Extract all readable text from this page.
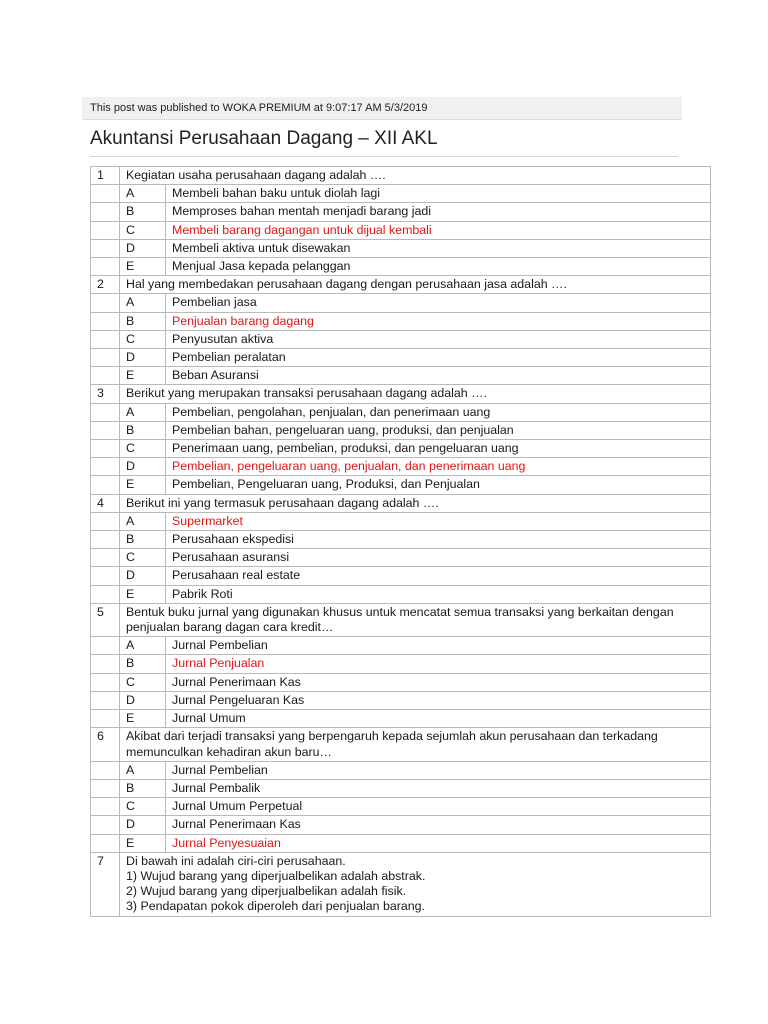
This post was published to WOKA PREMIUM at 9:07:17 AM 5/3/2019
Akuntansi Perusahaan Dagang – XII AKL
1	Kegiatan usaha perusahaan dagang adalah ….	

	A	Membeli bahan baku untuk diolah lagi
	B	Memproses bahan mentah menjadi barang jadi
	C	Membeli barang dagangan untuk dijual kembali
	D	Membeli aktiva untuk disewakan
	E	Menjual Jasa kepada pelanggan
2	Hal yang membedakan perusahaan dagang dengan perusahaan jasa adalah ….	

	A	Pembelian jasa
	B	Penjualan barang dagang
	C	Penyusutan aktiva
	D	Pembelian peralatan
	E	Beban Asuransi
3	Berikut yang merupakan transaksi perusahaan dagang adalah ….	

	A	Pembelian, pengolahan, penjualan, dan penerimaan uang
	B	Pembelian bahan, pengeluaran uang, produksi, dan penjualan
	C	Penerimaan uang, pembelian, produksi, dan pengeluaran uang
	D	Pembelian, pengeluaran uang, penjualan, dan penerimaan uang
	E	Pembelian, Pengeluaran uang, Produksi, dan Penjualan
4	Berikut ini yang termasuk perusahaan dagang adalah ….	

	A	Supermarket
	B	Perusahaan ekspedisi
	C	Perusahaan asuransi
	D	Perusahaan real estate
	E	Pabrik Roti
5	Bentuk buku jurnal yang digunakan khusus untuk mencatat semua transaksi yang berkaitan dengan penjualan barang dagan cara kredit…	

	A	Jurnal Pembelian
	B	Jurnal Penjualan
	C	Jurnal Penerimaan Kas
	D	Jurnal Pengeluaran Kas
	E	Jurnal Umum
6	Akibat dari terjadi transaksi yang berpengaruh kepada sejumlah akun perusahaan dan terkadang memunculkan kehadiran akun baru…	

	A	Jurnal Pembelian
	B	Jurnal Pembalik
	C	Jurnal Umum Perpetual
	D	Jurnal Penerimaan Kas
	E	Jurnal Penyesuaian
7	Di bawah ini adalah ciri-ciri perusahaan.
1) Wujud barang yang diperjualbelikan adalah abstrak.
2) Wujud barang yang diperjualbelikan adalah fisik.
3) Pendapatan pokok diperoleh dari penjualan barang.	
